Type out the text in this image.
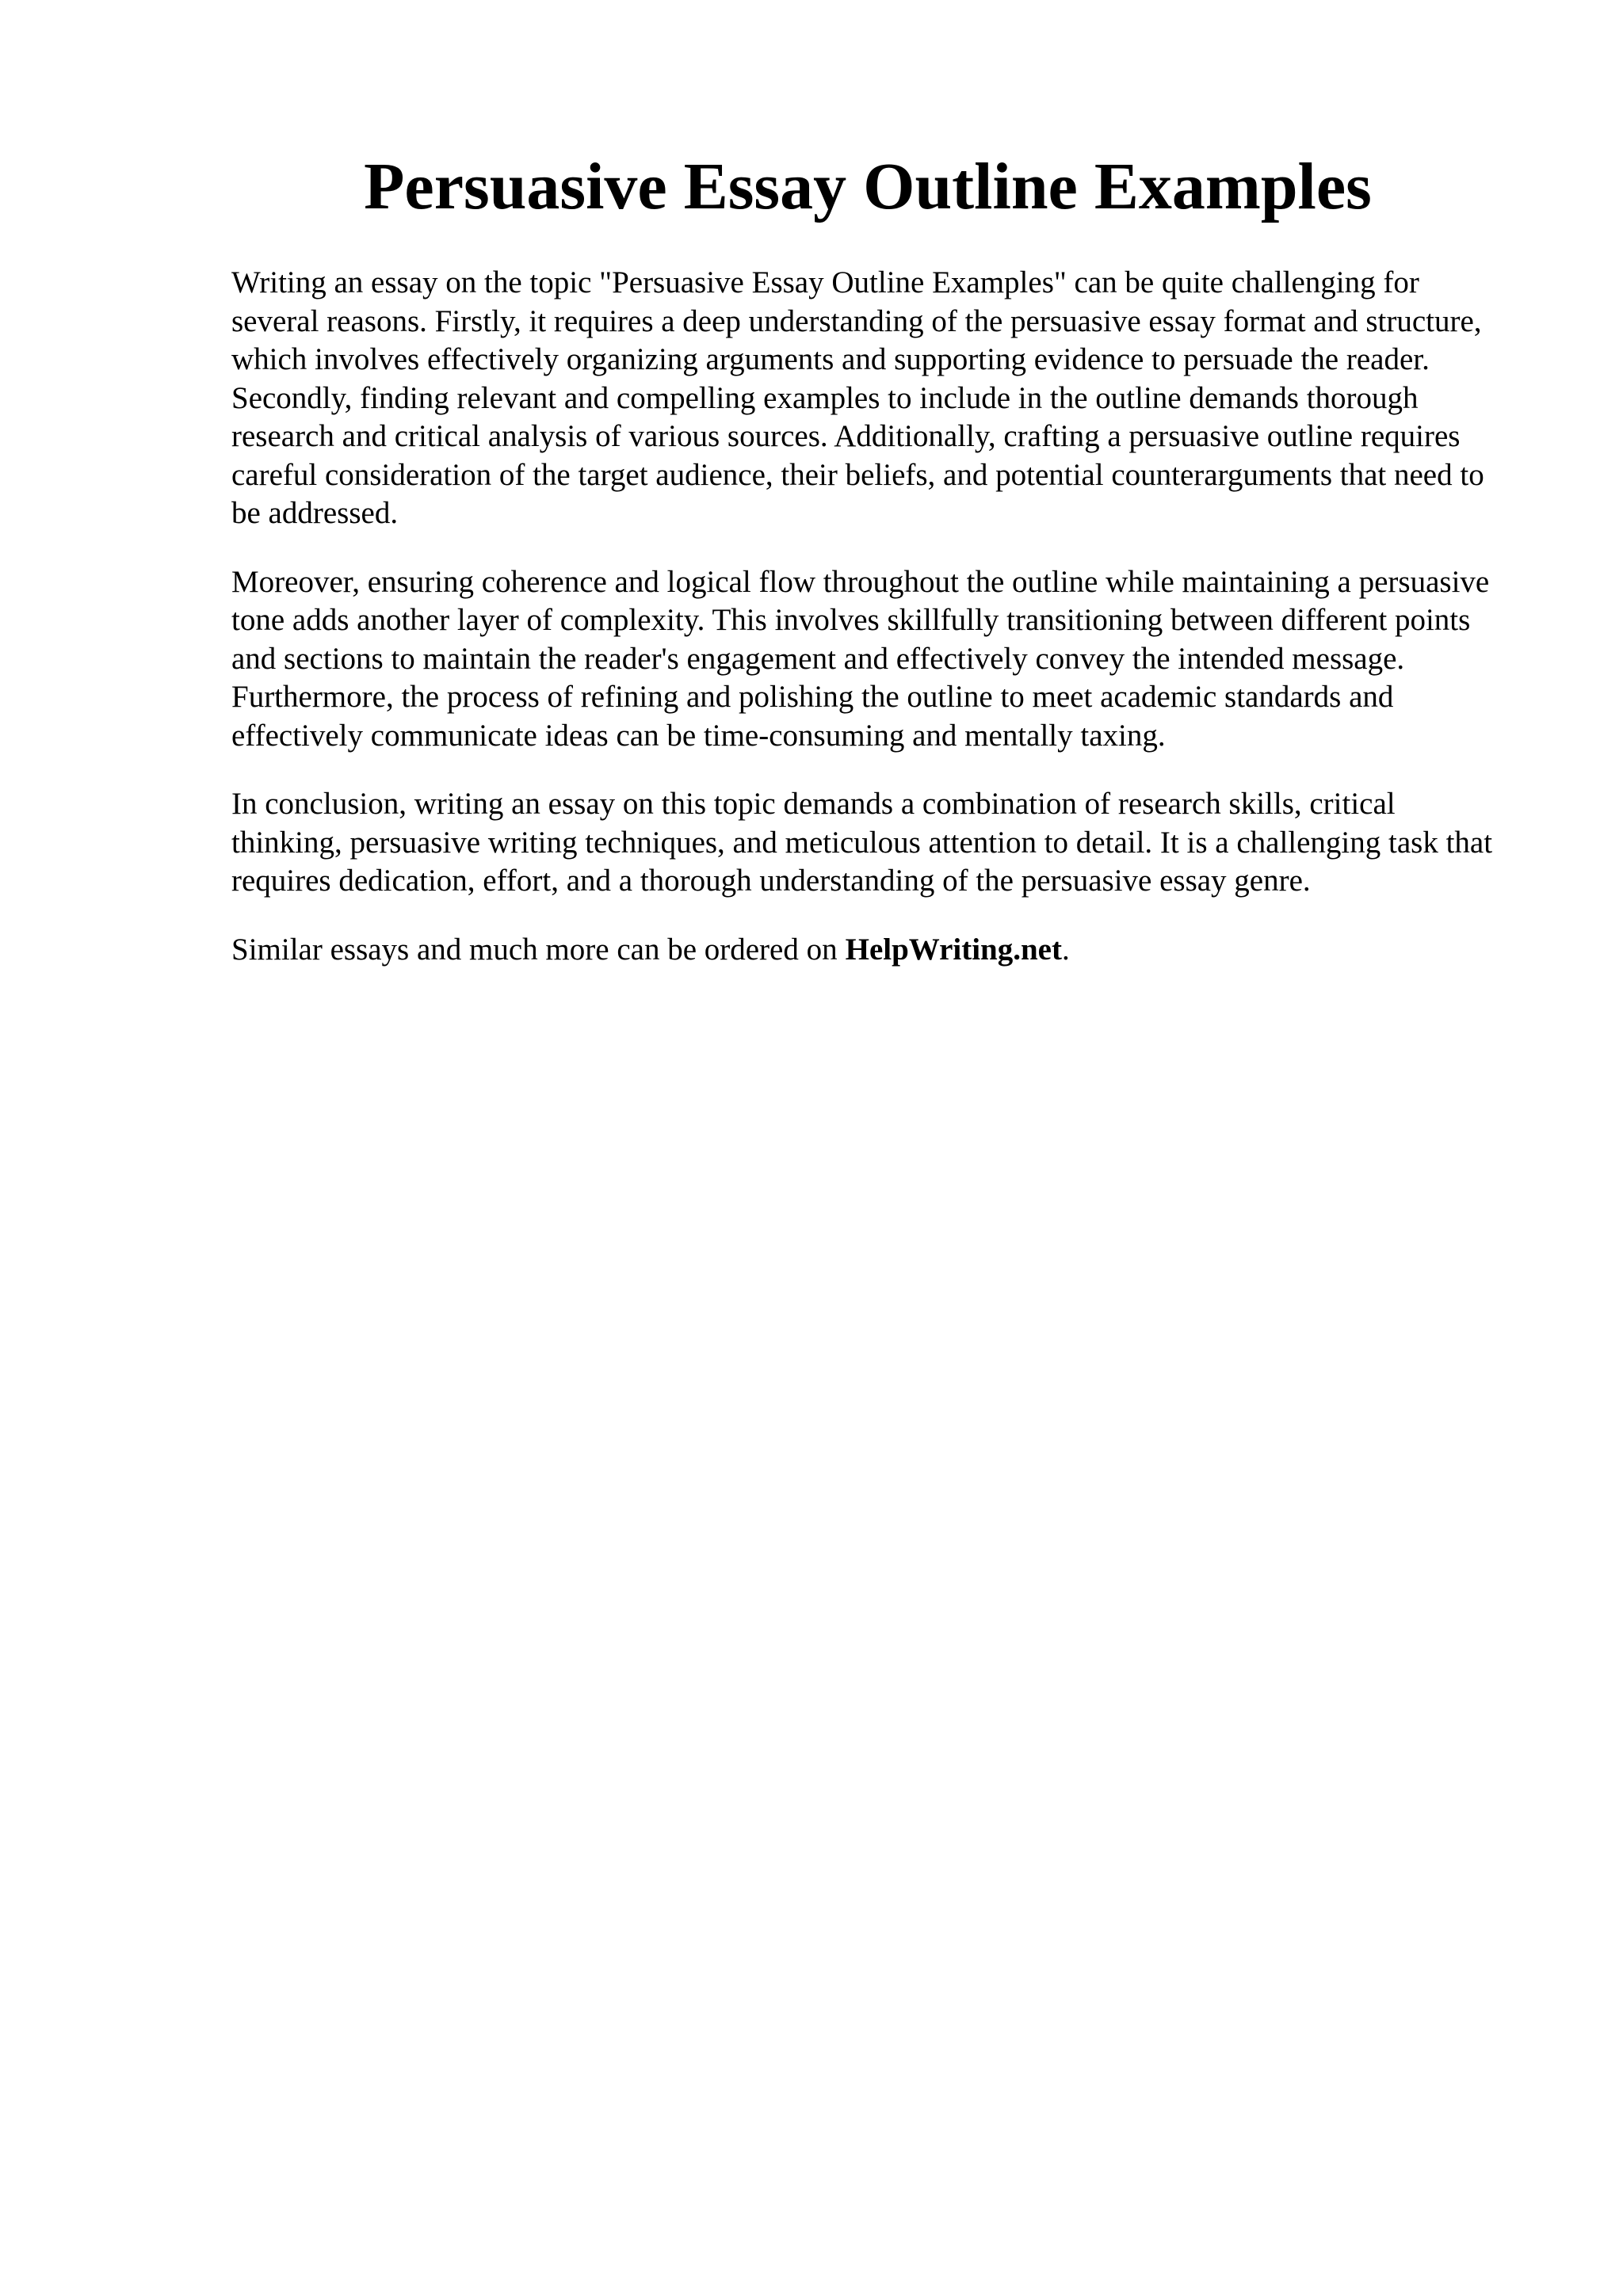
Persuasive Essay Outline Examples

Writing an essay on the topic "Persuasive Essay Outline Examples" can be quite challenging for several reasons. Firstly, it requires a deep understanding of the persuasive essay format and structure, which involves effectively organizing arguments and supporting evidence to persuade the reader. Secondly, finding relevant and compelling examples to include in the outline demands thorough research and critical analysis of various sources. Additionally, crafting a persuasive outline requires careful consideration of the target audience, their beliefs, and potential counterarguments that need to be addressed.

Moreover, ensuring coherence and logical flow throughout the outline while maintaining a persuasive tone adds another layer of complexity. This involves skillfully transitioning between different points and sections to maintain the reader's engagement and effectively convey the intended message. Furthermore, the process of refining and polishing the outline to meet academic standards and effectively communicate ideas can be time-consuming and mentally taxing.

In conclusion, writing an essay on this topic demands a combination of research skills, critical thinking, persuasive writing techniques, and meticulous attention to detail. It is a challenging task that requires dedication, effort, and a thorough understanding of the persuasive essay genre.

Similar essays and much more can be ordered on HelpWriting.net.
